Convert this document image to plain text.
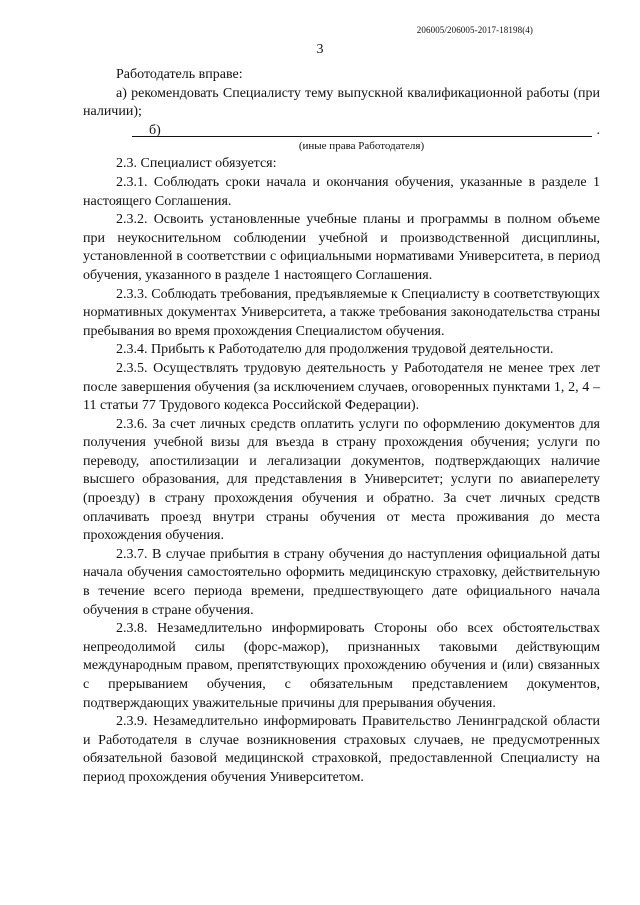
206005/206005-2017-18198(4)
3

Работодатель вправе:

а) рекомендовать Специалисту тему выпускной квалификационной работы (при наличии);

б)	.
(иные права Работодателя)

2.3. Специалист обязуется:

2.3.1. Соблюдать сроки начала и окончания обучения, указанные в разделе 1 настоящего Соглашения.

2.3.2. Освоить установленные учебные планы и программы в полном объеме при неукоснительном соблюдении учебной и производственной дисциплины, установленной в соответствии с официальными нормативами Университета, в период обучения, указанного в разделе 1 настоящего Соглашения.

2.3.3. Соблюдать требования, предъявляемые к Специалисту в соответствующих нормативных документах Университета, а также требования законодательства страны пребывания во время прохождения Специалистом обучения.

2.3.4. Прибыть к Работодателю для продолжения трудовой деятельности.

2.3.5. Осуществлять трудовую деятельность у Работодателя не менее трех лет после завершения обучения (за исключением случаев, оговоренных пунктами 1, 2, 4 – 11 статьи 77 Трудового кодекса Российской Федерации).

2.3.6. За счет личных средств оплатить услуги по оформлению документов для получения учебной визы для въезда в страну прохождения обучения; услуги по переводу, апостилизации и легализации документов, подтверждающих наличие высшего образования, для представления в Университет; услуги по авиаперелету (проезду) в страну прохождения обучения и обратно. За счет личных средств оплачивать проезд внутри страны обучения от места проживания до места прохождения обучения.

2.3.7. В случае прибытия в страну обучения до наступления официальной даты начала обучения самостоятельно оформить медицинскую страховку, действительную в течение всего периода времени, предшествующего дате официального начала обучения в стране обучения.

2.3.8. Незамедлительно информировать Стороны обо всех обстоятельствах непреодолимой силы (форс-мажор), признанных таковыми действующим международным правом, препятствующих прохождению обучения и (или) связанных с прерыванием обучения, с обязательным представлением документов, подтверждающих уважительные причины для прерывания обучения.

2.3.9. Незамедлительно информировать Правительство Ленинградской области и Работодателя в случае возникновения страховых случаев, не предусмотренных обязательной базовой медицинской страховкой, предоставленной Специалисту на период прохождения обучения Университетом.
